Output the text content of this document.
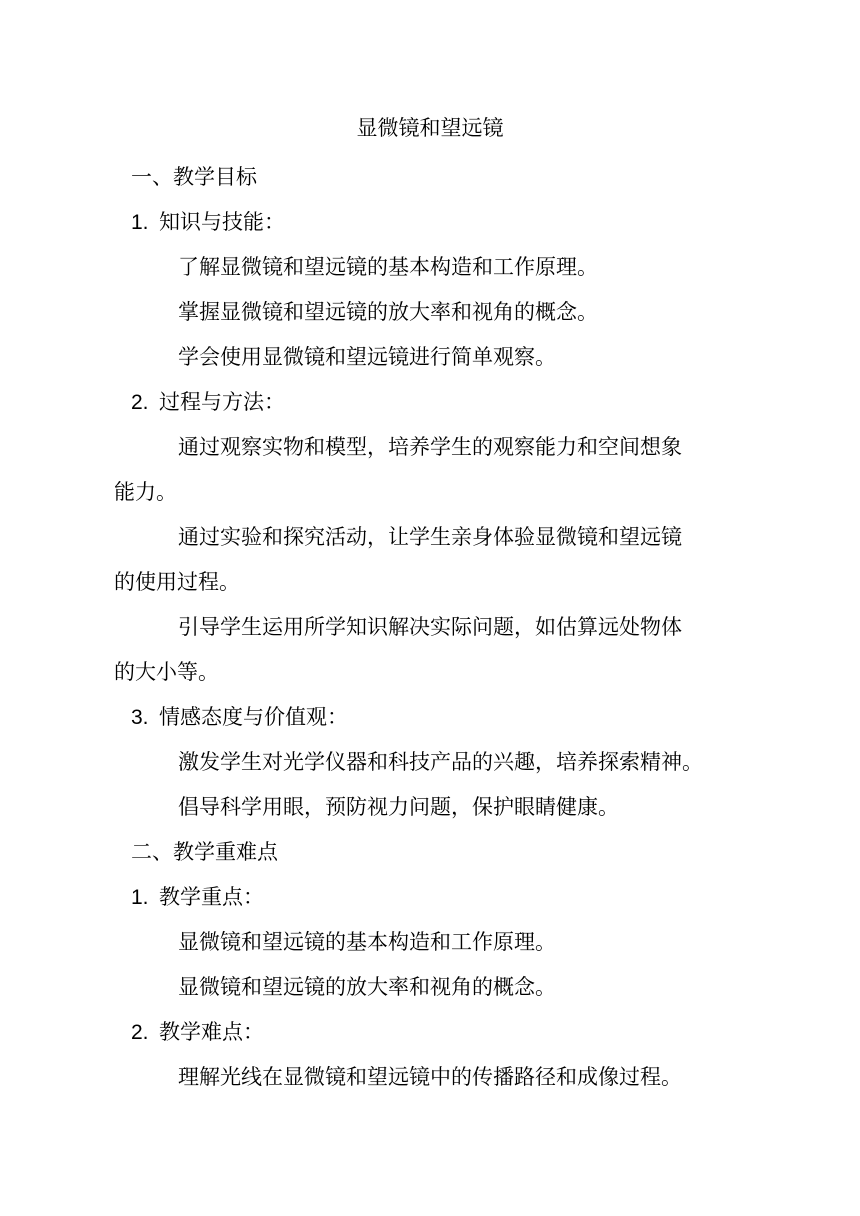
显微镜和望远镜
一、教学目标
1. 知识与技能：
了解显微镜和望远镜的基本构造和工作原理。
掌握显微镜和望远镜的放大率和视角的概念。
学会使用显微镜和望远镜进行简单观察。
2. 过程与方法：
通过观察实物和模型，培养学生的观察能力和空间想象
能力。
通过实验和探究活动，让学生亲身体验显微镜和望远镜
的使用过程。
引导学生运用所学知识解决实际问题，如估算远处物体
的大小等。
3. 情感态度与价值观：
激发学生对光学仪器和科技产品的兴趣，培养探索精神。
倡导科学用眼，预防视力问题，保护眼睛健康。
二、教学重难点
1. 教学重点：
显微镜和望远镜的基本构造和工作原理。
显微镜和望远镜的放大率和视角的概念。
2. 教学难点：
理解光线在显微镜和望远镜中的传播路径和成像过程。
